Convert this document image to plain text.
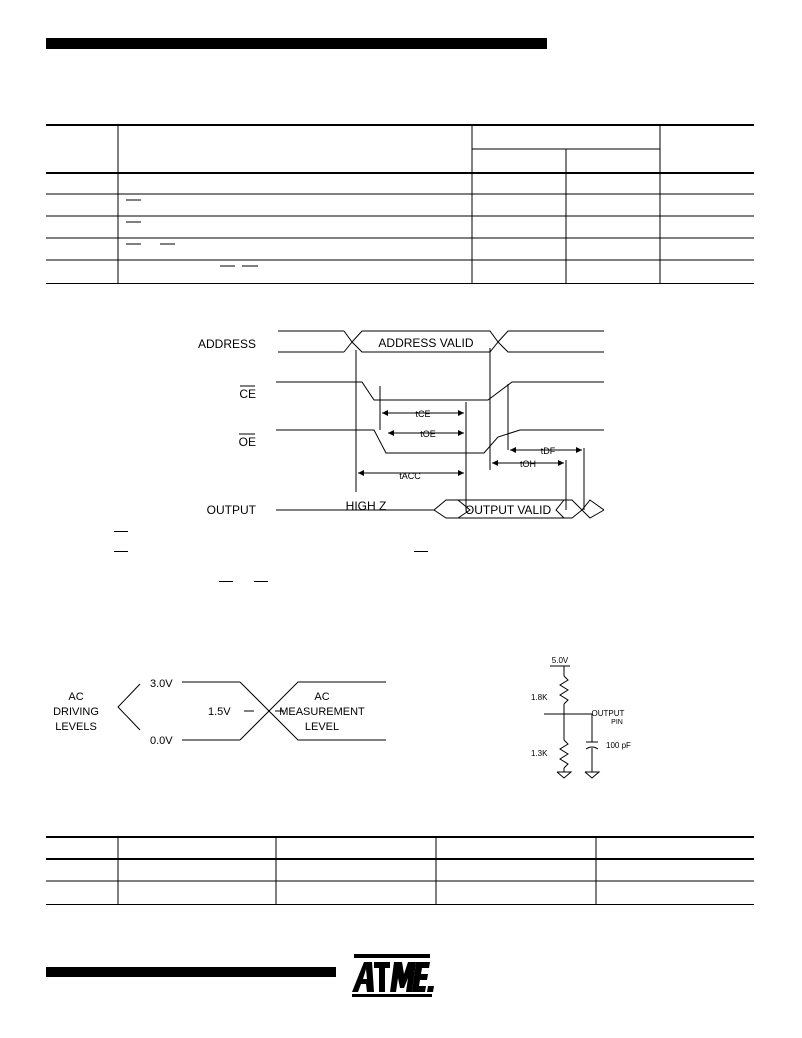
ADDRESS
CE
OE
OUTPUT
ADDRESS VALID
HIGH Z	OUTPUT VALID
tCE
tOE
tACC
tDF
tOH
AC
DRIVING
LEVELS
3.0V
1.5V
0.0V
AC
MEASUREMENT
LEVEL
5.0V
1.8K
1.3K
100 pF
OUTPUT
PIN
